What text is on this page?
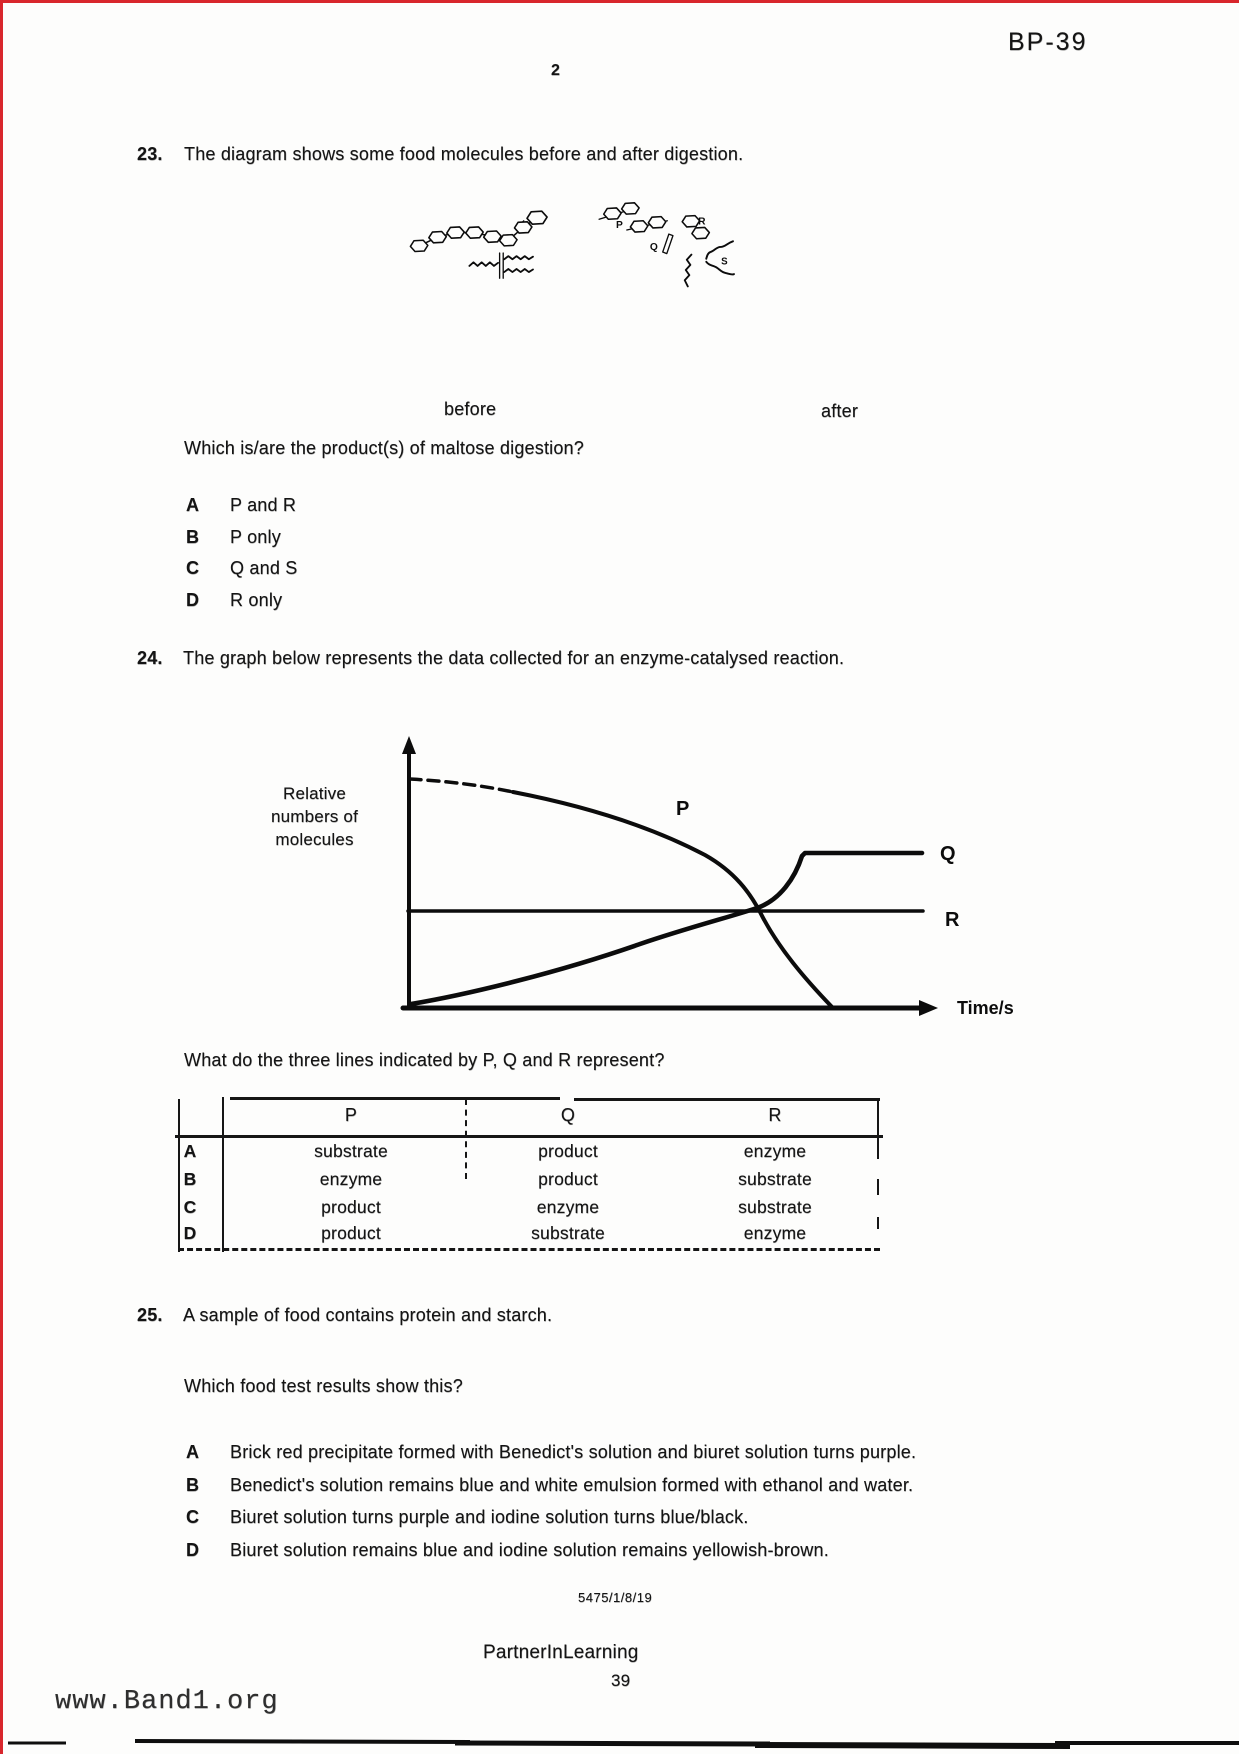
BP-39
2
23. The diagram shows some food molecules before and after digestion.
P
Q
R
S
before	after
Which is/are the product(s) of maltose digestion?
A P and R
B P only
C Q and S
D R only
24. The graph below represents the data collected for an enzyme-catalysed reaction.
Relative
numbers of
molecules
P
Q
R
Time/s
What do the three lines indicated by P, Q and R represent?
P	Q	R
A	substrate	product	enzyme
B	enzyme	product	substrate
C	product	enzyme	substrate
D	product	substrate	enzyme
25. A sample of food contains protein and starch.
Which food test results show this?
A Brick red precipitate formed with Benedict's solution and biuret solution turns purple.
B Benedict's solution remains blue and white emulsion formed with ethanol and water.
C Biuret solution turns purple and iodine solution turns blue/black.
D Biuret solution remains blue and iodine solution remains yellowish-brown.
5475/1/8/19
PartnerInLearning
39
www.Band1.org
